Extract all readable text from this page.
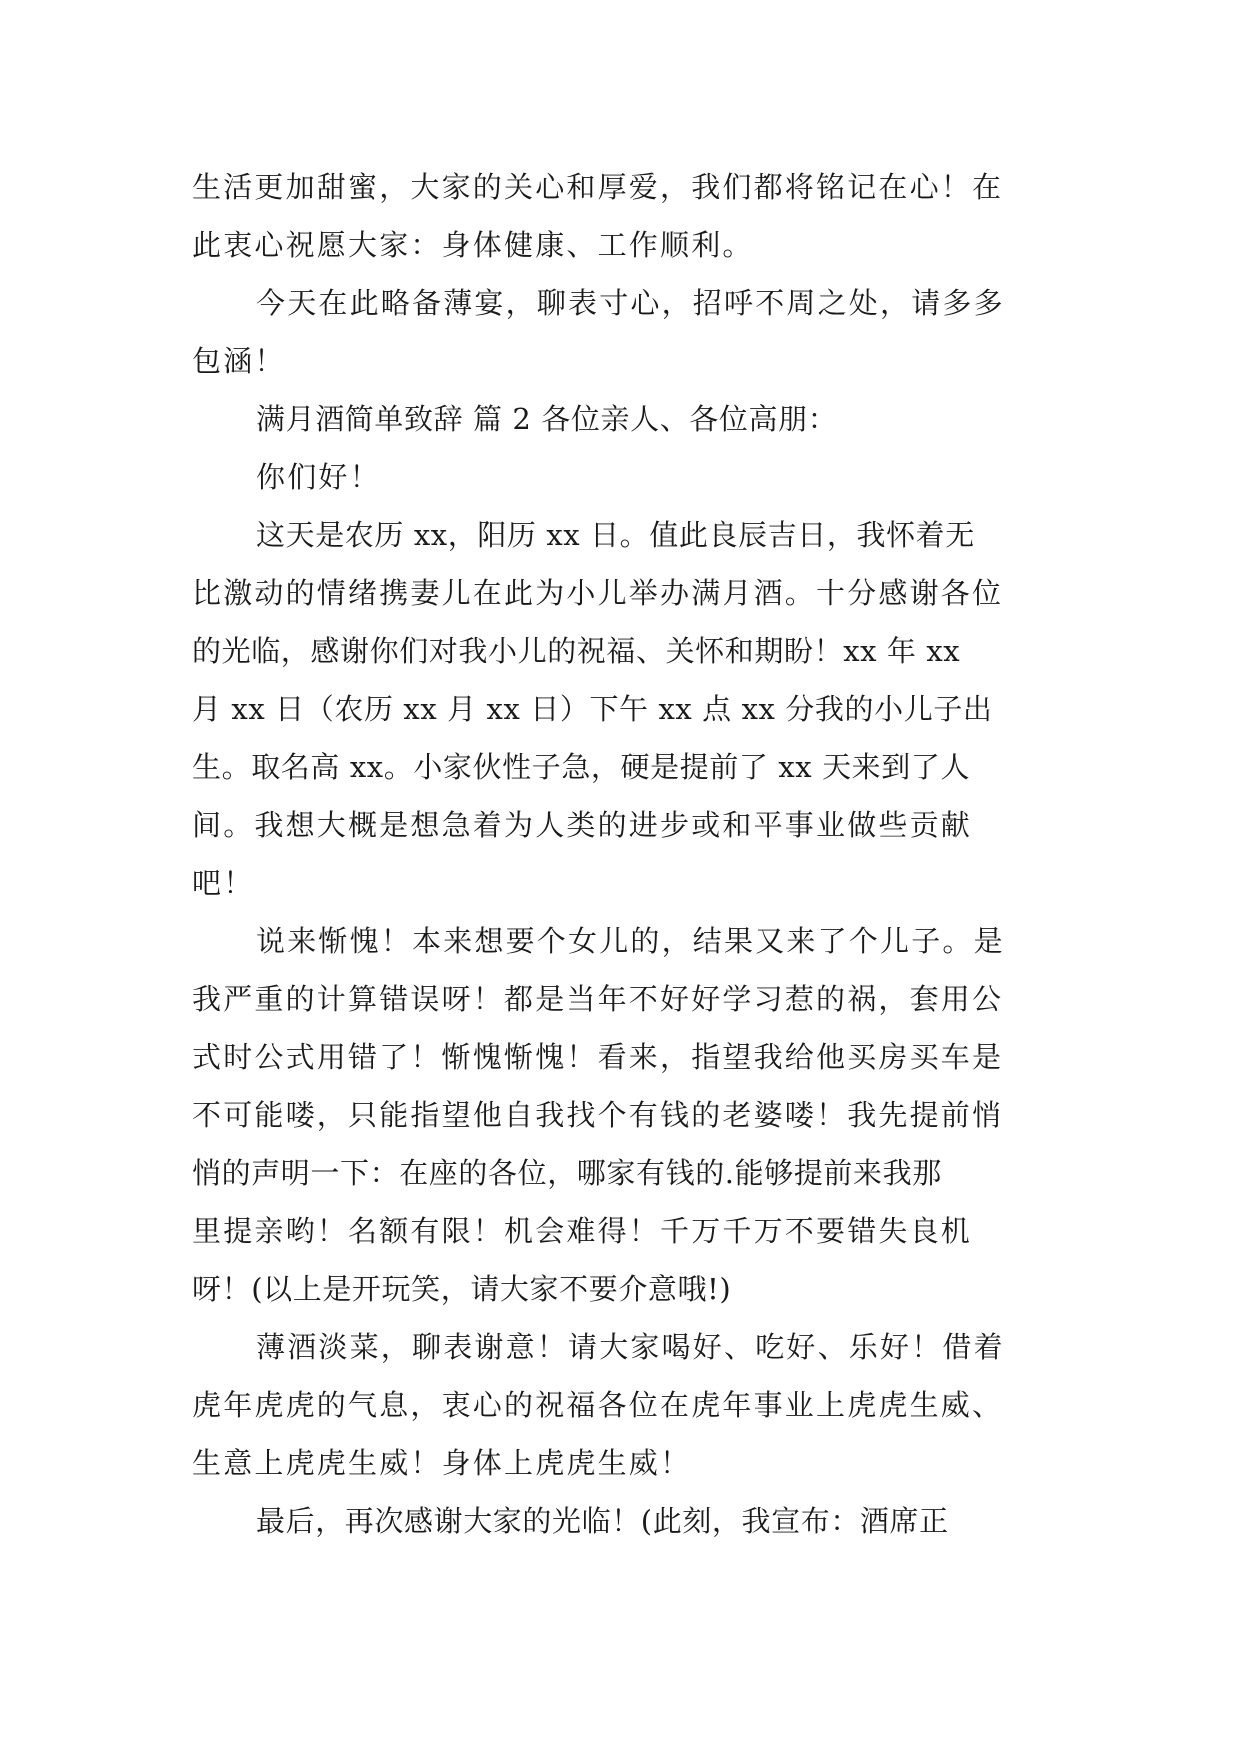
生活更加甜蜜，大家的关心和厚爱，我们都将铭记在心！在
此衷心祝愿大家：身体健康、工作顺利。
今天在此略备薄宴，聊表寸心，招呼不周之处，请多多
包涵！
满月酒简单致辞 篇 2 各位亲人、各位高朋：
你们好！
这天是农历 xx，阳历 xx 日。值此良辰吉日，我怀着无
比激动的情绪携妻儿在此为小儿举办满月酒。十分感谢各位
的光临，感谢你们对我小儿的祝福、关怀和期盼！xx 年 xx
月 xx 日（农历 xx 月 xx 日）下午 xx 点 xx 分我的小儿子出
生。取名高 xx。小家伙性子急，硬是提前了 xx 天来到了人
间。我想大概是想急着为人类的进步或和平事业做些贡献
吧！
说来惭愧！本来想要个女儿的，结果又来了个儿子。是
我严重的计算错误呀！都是当年不好好学习惹的祸，套用公
式时公式用错了！惭愧惭愧！看来，指望我给他买房买车是
不可能喽，只能指望他自我找个有钱的老婆喽！我先提前悄
悄的声明一下：在座的各位，哪家有钱的.能够提前来我那
里提亲哟！名额有限！机会难得！千万千万不要错失良机
呀！(以上是开玩笑，请大家不要介意哦!)
薄酒淡菜，聊表谢意！请大家喝好、吃好、乐好！借着
虎年虎虎的气息，衷心的祝福各位在虎年事业上虎虎生威、
生意上虎虎生威！身体上虎虎生威！
最后，再次感谢大家的光临！(此刻，我宣布：酒席正
